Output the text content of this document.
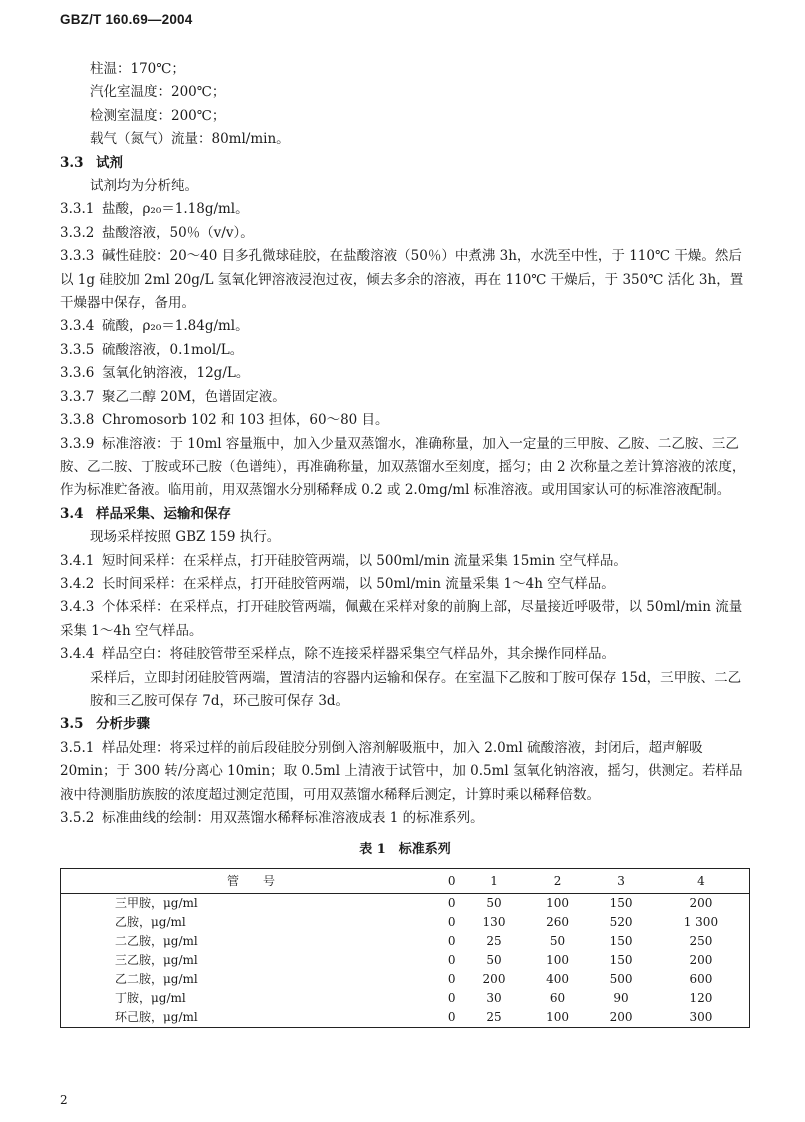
GBZ/T 160.69—2004

柱温：170℃；

汽化室温度：200℃；

检测室温度：200℃；

载气（氮气）流量：80ml/min。

3.3 试剂

试剂均为分析纯。

3.3.1 盐酸，ρ₂₀＝1.18g/ml。

3.3.2 盐酸溶液，50％（v/v）。

3.3.3 碱性硅胶：20～40 目多孔微球硅胶，在盐酸溶液（50％）中煮沸 3h，水洗至中性，于 110℃ 干燥。然后以 1g 硅胶加 2ml 20g/L 氢氧化钾溶液浸泡过夜，倾去多余的溶液，再在 110℃ 干燥后，于 350℃ 活化 3h，置干燥器中保存，备用。

3.3.4 硫酸，ρ₂₀＝1.84g/ml。

3.3.5 硫酸溶液，0.1mol/L。

3.3.6 氢氧化钠溶液，12g/L。

3.3.7 聚乙二醇 20M，色谱固定液。

3.3.8 Chromosorb 102 和 103 担体，60～80 目。

3.3.9 标准溶液：于 10ml 容量瓶中，加入少量双蒸馏水，准确称量，加入一定量的三甲胺、乙胺、二乙胺、三乙胺、乙二胺、丁胺或环己胺（色谱纯），再准确称量，加双蒸馏水至刻度，摇匀；由 2 次称量之差计算溶液的浓度，作为标准贮备液。临用前，用双蒸馏水分别稀释成 0.2 或 2.0mg/ml 标准溶液。或用国家认可的标准溶液配制。

3.4 样品采集、运输和保存

现场采样按照 GBZ 159 执行。

3.4.1 短时间采样：在采样点，打开硅胶管两端，以 500ml/min 流量采集 15min 空气样品。

3.4.2 长时间采样：在采样点，打开硅胶管两端，以 50ml/min 流量采集 1～4h 空气样品。

3.4.3 个体采样：在采样点，打开硅胶管两端，佩戴在采样对象的前胸上部，尽量接近呼吸带，以 50ml/min 流量采集 1～4h 空气样品。

3.4.4 样品空白：将硅胶管带至采样点，除不连接采样器采集空气样品外，其余操作同样品。

采样后，立即封闭硅胶管两端，置清洁的容器内运输和保存。在室温下乙胺和丁胺可保存 15d，三甲胺、二乙胺和三乙胺可保存 7d，环己胺可保存 3d。

3.5 分析步骤

3.5.1 样品处理：将采过样的前后段硅胶分别倒入溶剂解吸瓶中，加入 2.0ml 硫酸溶液，封闭后，超声解吸 20min；于 300 转/分离心 10min；取 0.5ml 上清液于试管中，加 0.5ml 氢氧化钠溶液，摇匀，供测定。若样品液中待测脂肪族胺的浓度超过测定范围，可用双蒸馏水稀释后测定，计算时乘以稀释倍数。

3.5.2 标准曲线的绘制：用双蒸馏水稀释标准溶液成表 1 的标准系列。

表 1　标准系列
管　　号	0	1	2	3	4
三甲胺，μg/ml	0	50	100	150	200
乙胺，μg/ml	0	130	260	520	1 300
二乙胺，μg/ml	0	25	50	150	250
三乙胺，μg/ml	0	50	100	150	200
乙二胺，μg/ml	0	200	400	500	600
丁胺，μg/ml	0	30	60	90	120
环己胺，μg/ml	0	25	100	200	300
2
